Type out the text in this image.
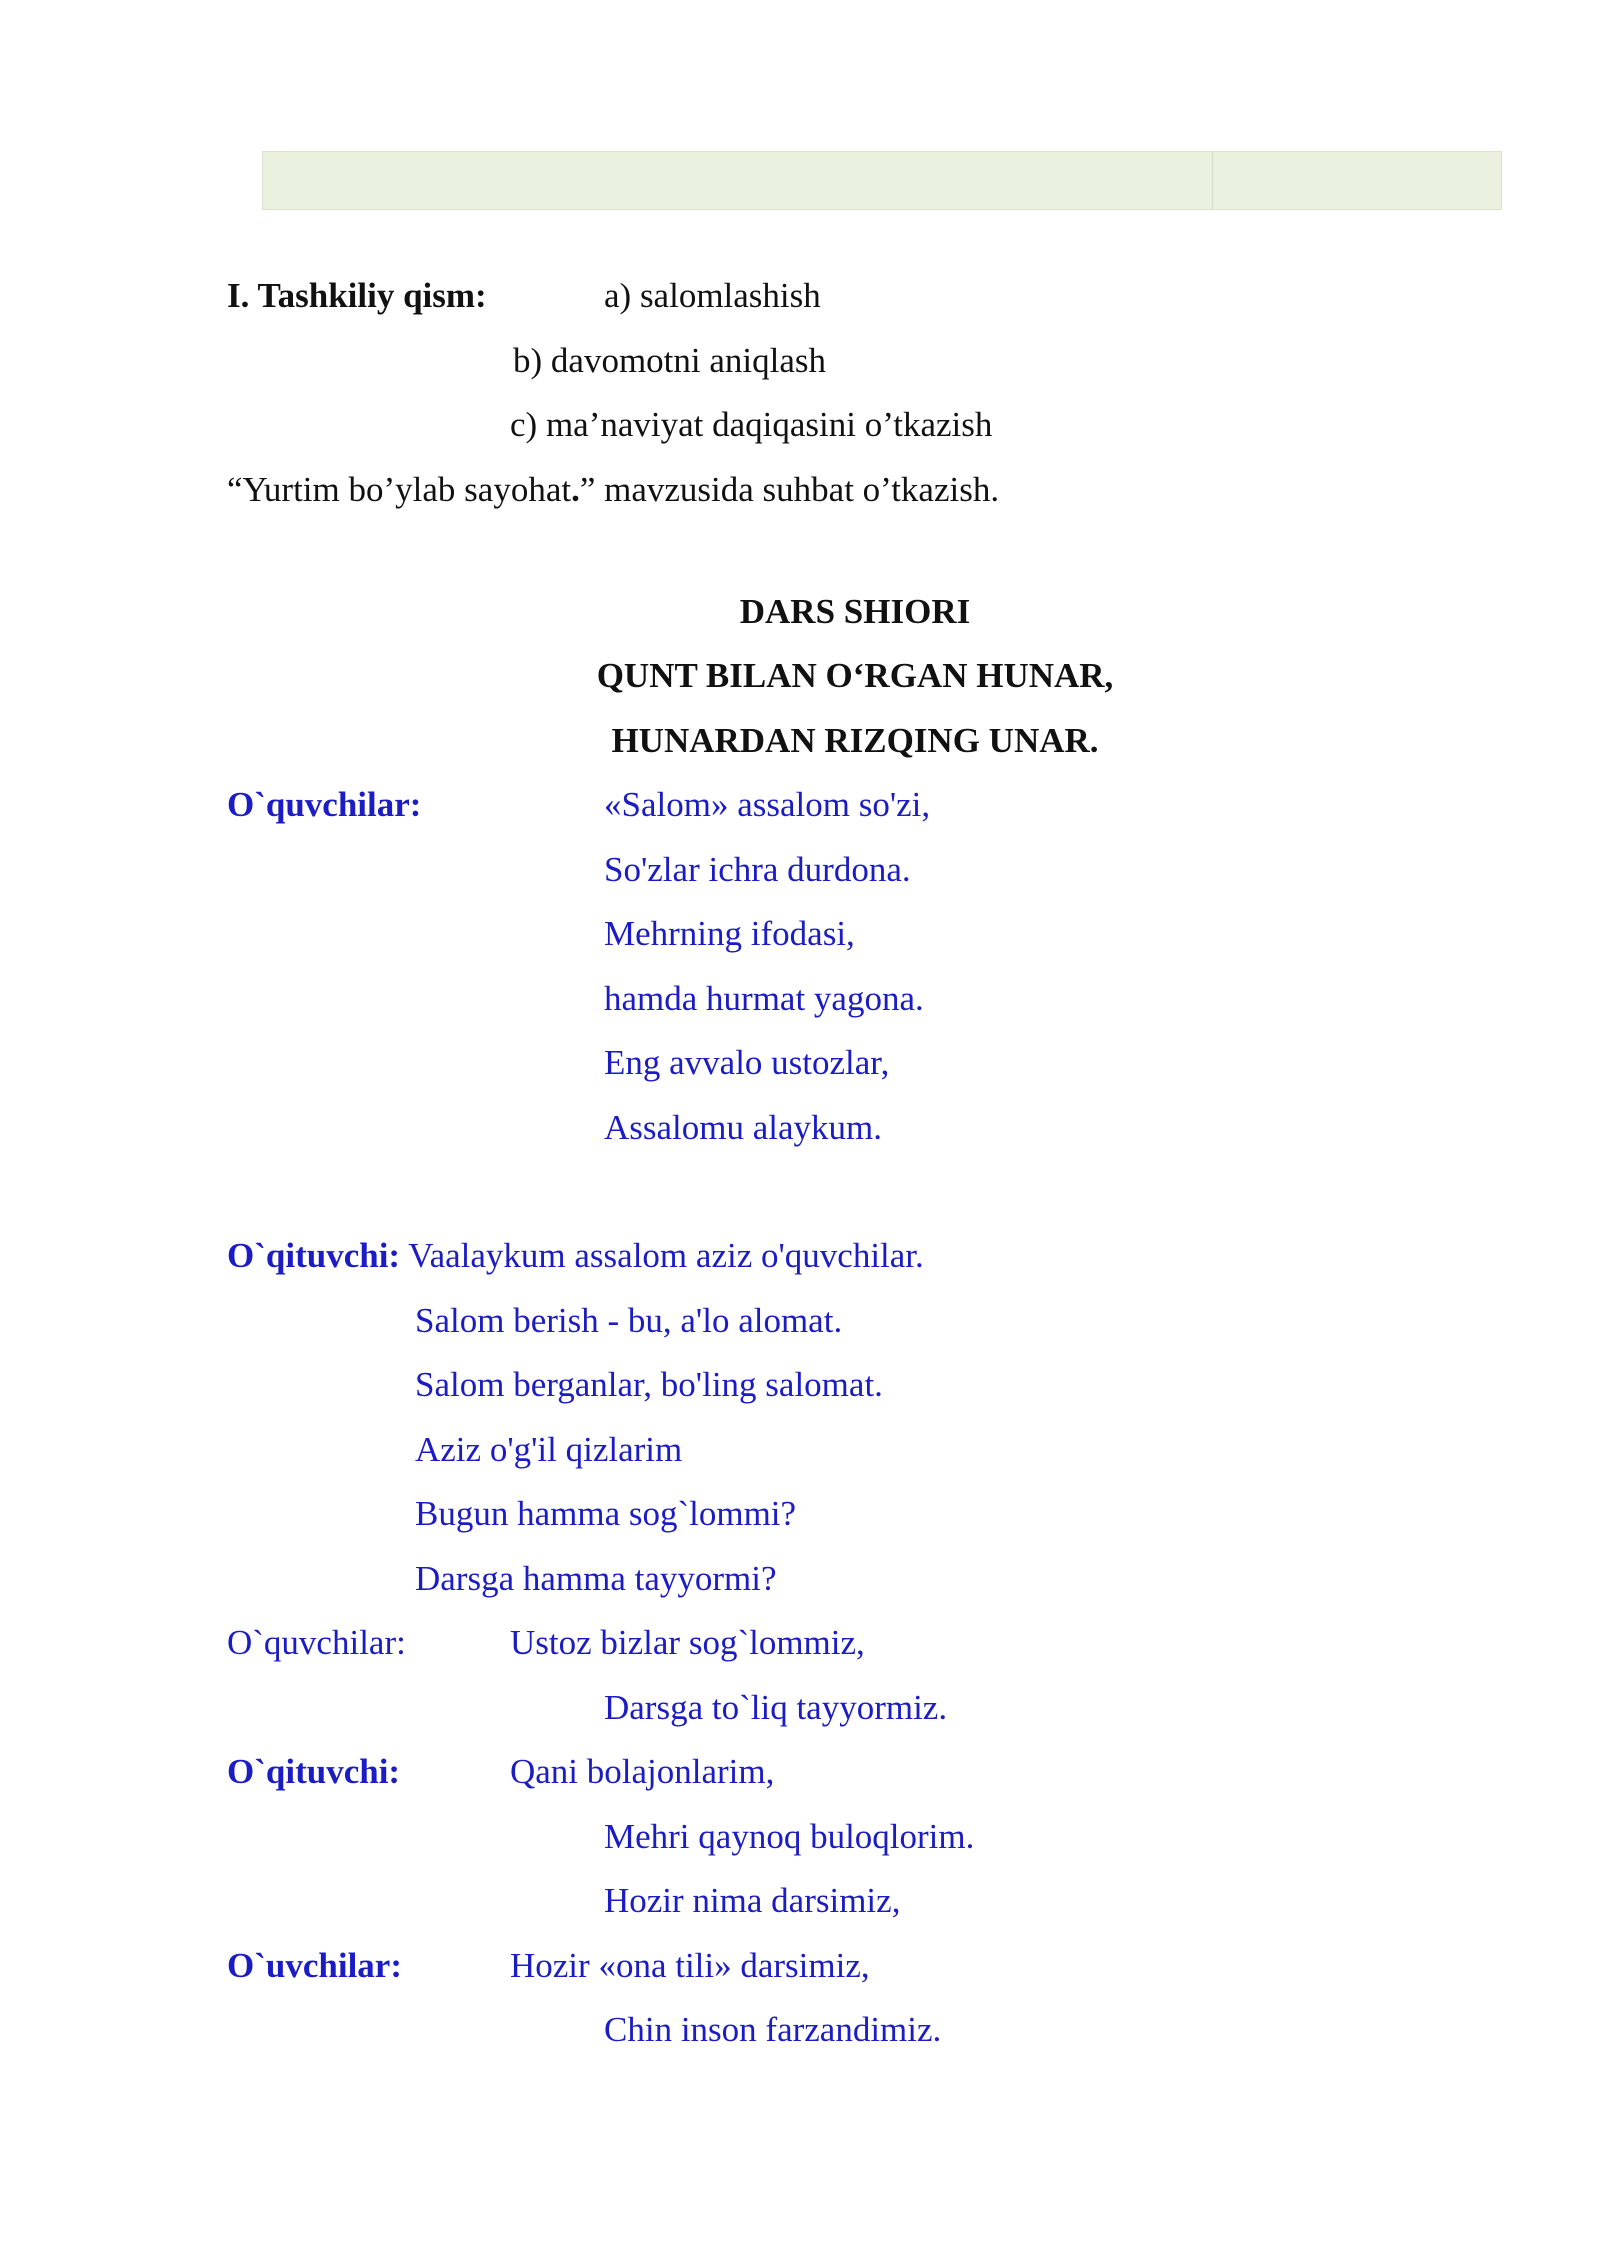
I. Tashkiliy qism:	a) salomlashish
b) davomotni aniqlash
c) ma’naviyat daqiqasini o’tkazish
“Yurtim bo’ylab sayohat.” mavzusida suhbat o’tkazish.
DARS SHIORI
QUNT BILAN O‘RGAN HUNAR,
HUNARDAN RIZQING UNAR.
O`quvchilar:	«Salom» assalom so'zi,
So'zlar ichra durdona.
Mehrning ifodasi,
hamda hurmat yagona.
Eng avvalo ustozlar,
Assalomu alaykum.
O`qituvchi: Vaalaykum assalom aziz o'quvchilar.
Salom berish - bu, a'lo alomat.
Salom berganlar, bo'ling salomat.
Aziz o'g'il qizlarim
Bugun hamma sog`lommi?
Darsga hamma tayyormi?
O`quvchilar:	Ustoz bizlar sog`lommiz,
Darsga to`liq tayyormiz.
O`qituvchi:	Qani bolajonlarim,
Mehri qaynoq buloqlorim.
Hozir nima darsimiz,
O`uvchilar:	Hozir «ona tili» darsimiz,
Chin inson farzandimiz.
